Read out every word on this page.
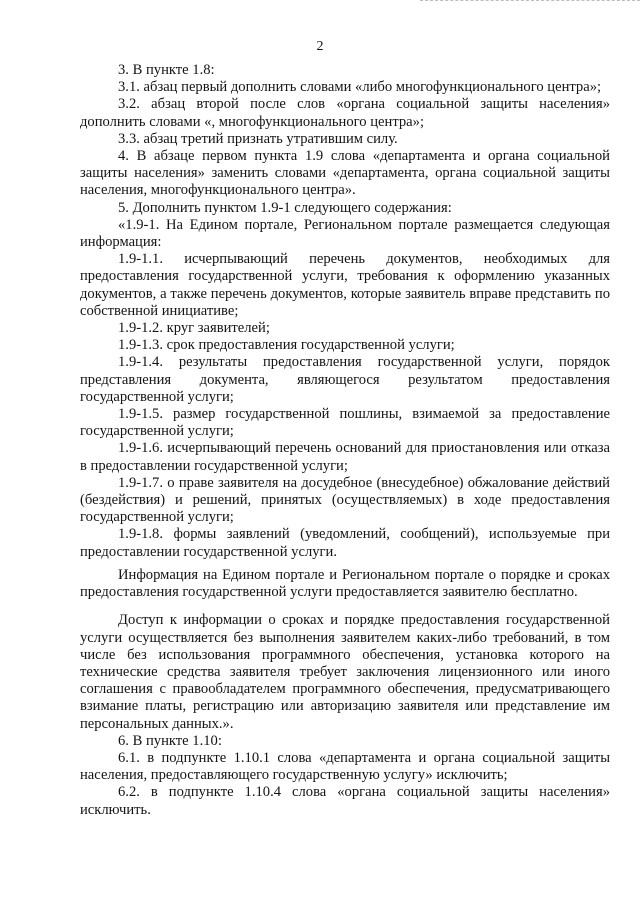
2

3. В пункте 1.8:

3.1. абзац первый дополнить словами «либо многофункционального центра»;

3.2. абзац второй после слов «органа социальной защиты населения» дополнить словами «, многофункционального центра»;

3.3. абзац третий признать утратившим силу.

4. В абзаце первом пункта 1.9 слова «департамента и органа социальной защиты населения» заменить словами «департамента, органа социальной защиты населения, многофункционального центра».

5. Дополнить пунктом 1.9-1 следующего содержания:

«1.9-1. На Едином портале, Региональном портале размещается следующая информация:

1.9-1.1. исчерпывающий перечень документов, необходимых для предоставления государственной услуги, требования к оформлению указанных документов, а также перечень документов, которые заявитель вправе представить по собственной инициативе;

1.9-1.2. круг заявителей;

1.9-1.3. срок предоставления государственной услуги;

1.9-1.4. результаты предоставления государственной услуги, порядок представления документа, являющегося результатом предоставления государственной услуги;

1.9-1.5. размер государственной пошлины, взимаемой за предоставление государственной услуги;

1.9-1.6. исчерпывающий перечень оснований для приостановления или отказа в предоставлении государственной услуги;

1.9-1.7. о праве заявителя на досудебное (внесудебное) обжалование действий (бездействия) и решений, принятых (осуществляемых) в ходе предоставления государственной услуги;

1.9-1.8. формы заявлений (уведомлений, сообщений), используемые при предоставлении государственной услуги.

Информация на Едином портале и Региональном портале о порядке и сроках предоставления государственной услуги предоставляется заявителю бесплатно.

Доступ к информации о сроках и порядке предоставления государственной услуги осуществляется без выполнения заявителем каких-либо требований, в том числе без использования программного обеспечения, установка которого на технические средства заявителя требует заключения лицензионного или иного соглашения с правообладателем программного обеспечения, предусматривающего взимание платы, регистрацию или авторизацию заявителя или представление им персональных данных.».

6. В пункте 1.10:

6.1. в подпункте 1.10.1 слова «департамента и органа социальной защиты населения, предоставляющего государственную услугу» исключить;

6.2. в подпункте 1.10.4 слова «органа социальной защиты населения» исключить.
